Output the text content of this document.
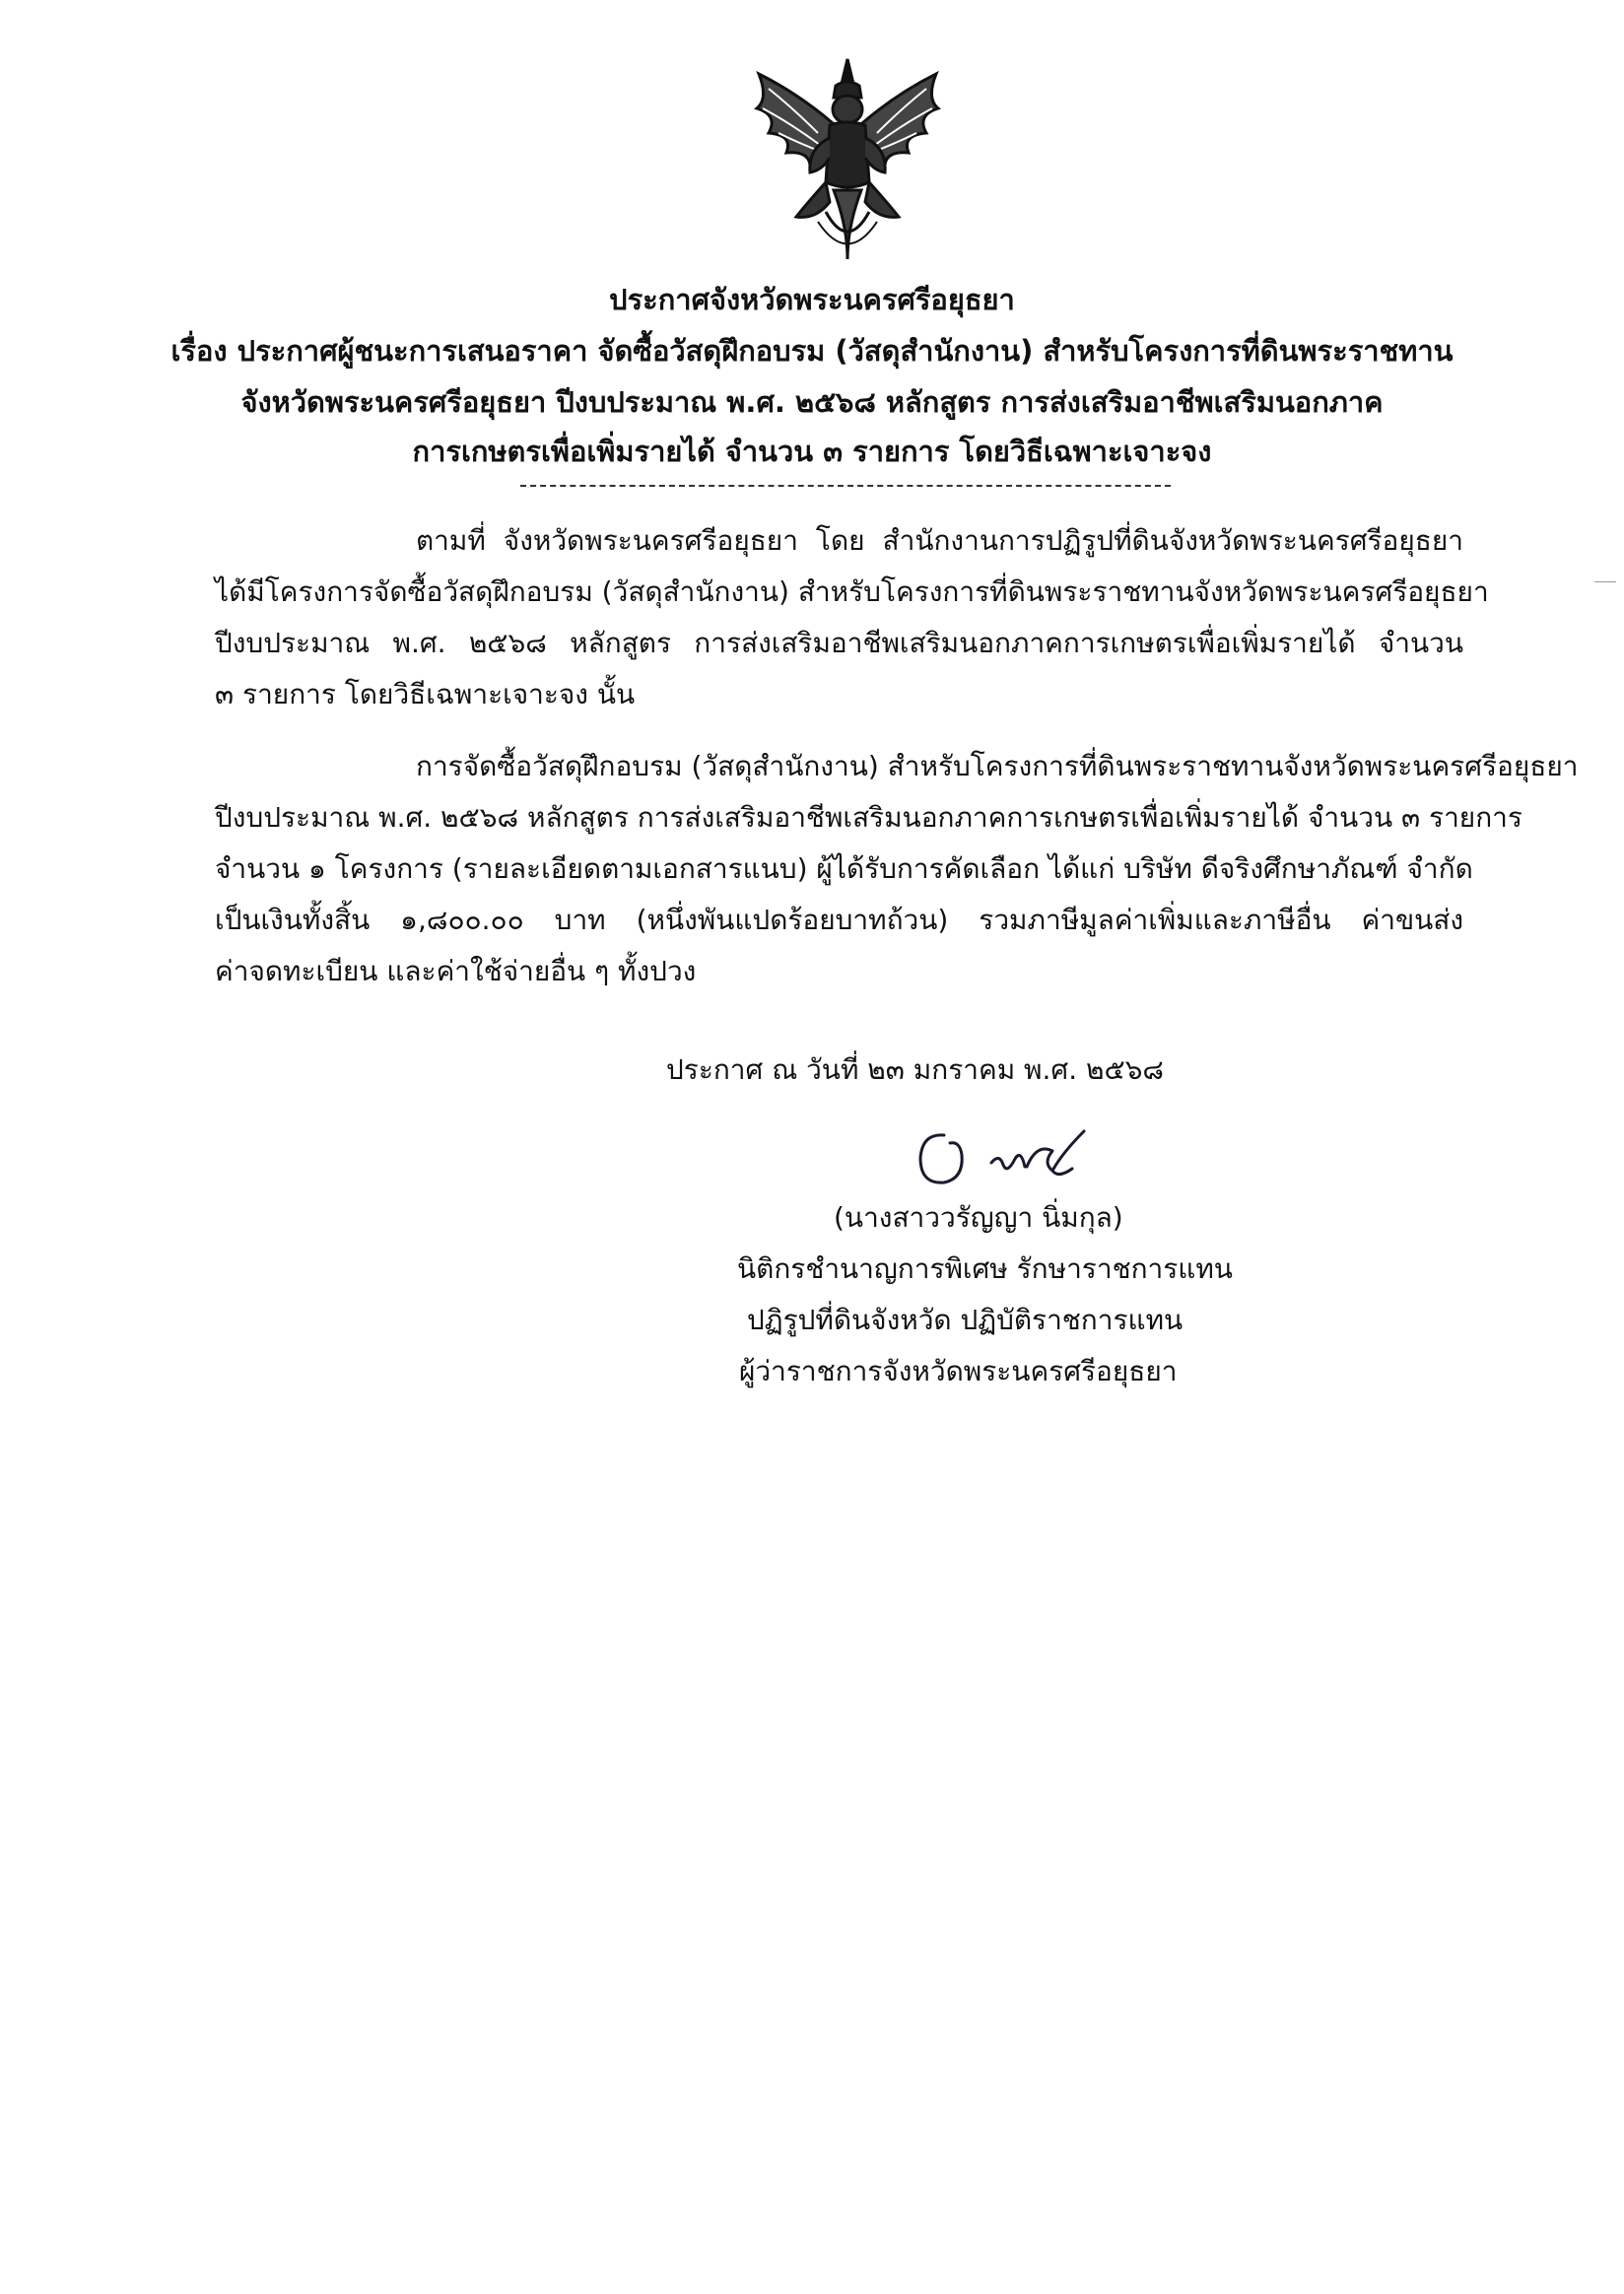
ประกาศจังหวัดพระนครศรีอยุธยา
เรื่อง ประกาศผู้ชนะการเสนอราคา จัดซื้อวัสดุฝึกอบรม (วัสดุสำนักงาน) สำหรับโครงการที่ดินพระราชทาน
จังหวัดพระนครศรีอยุธยา ปีงบประมาณ พ.ศ. ๒๕๖๘ หลักสูตร การส่งเสริมอาชีพเสริมนอกภาค
การเกษตรเพื่อเพิ่มรายได้ จำนวน ๓ รายการ โดยวิธีเฉพาะเจาะจง
ตามที่ จังหวัดพระนครศรีอยุธยา โดย สำนักงานการปฏิรูปที่ดินจังหวัดพระนครศรีอยุธยา
ได้มีโครงการจัดซื้อวัสดุฝึกอบรม (วัสดุสำนักงาน) สำหรับโครงการที่ดินพระราชทานจังหวัดพระนครศรีอยุธยา
ปีงบประมาณ พ.ศ. ๒๕๖๘ หลักสูตร การส่งเสริมอาชีพเสริมนอกภาคการเกษตรเพื่อเพิ่มรายได้ จำนวน
๓ รายการ โดยวิธีเฉพาะเจาะจง นั้น
การจัดซื้อวัสดุฝึกอบรม (วัสดุสำนักงาน) สำหรับโครงการที่ดินพระราชทานจังหวัดพระนครศรีอยุธยา
ปีงบประมาณ พ.ศ. ๒๕๖๘ หลักสูตร การส่งเสริมอาชีพเสริมนอกภาคการเกษตรเพื่อเพิ่มรายได้ จำนวน ๓ รายการ
จำนวน ๑ โครงการ (รายละเอียดตามเอกสารแนบ) ผู้ได้รับการคัดเลือก ได้แก่ บริษัท ดีจริงศึกษาภัณฑ์ จำกัด
เป็นเงินทั้งสิ้น ๑,๘๐๐.๐๐ บาท (หนึ่งพันแปดร้อยบาทถ้วน) รวมภาษีมูลค่าเพิ่มและภาษีอื่น ค่าขนส่ง
ค่าจดทะเบียน และค่าใช้จ่ายอื่น ๆ ทั้งปวง
ประกาศ ณ วันที่ ๒๓ มกราคม พ.ศ. ๒๕๖๘
(นางสาววรัญญา นิ่มกุล)
นิติกรชำนาญการพิเศษ รักษาราชการแทน
ปฏิรูปที่ดินจังหวัด ปฏิบัติราชการแทน
ผู้ว่าราชการจังหวัดพระนครศรีอยุธยา
